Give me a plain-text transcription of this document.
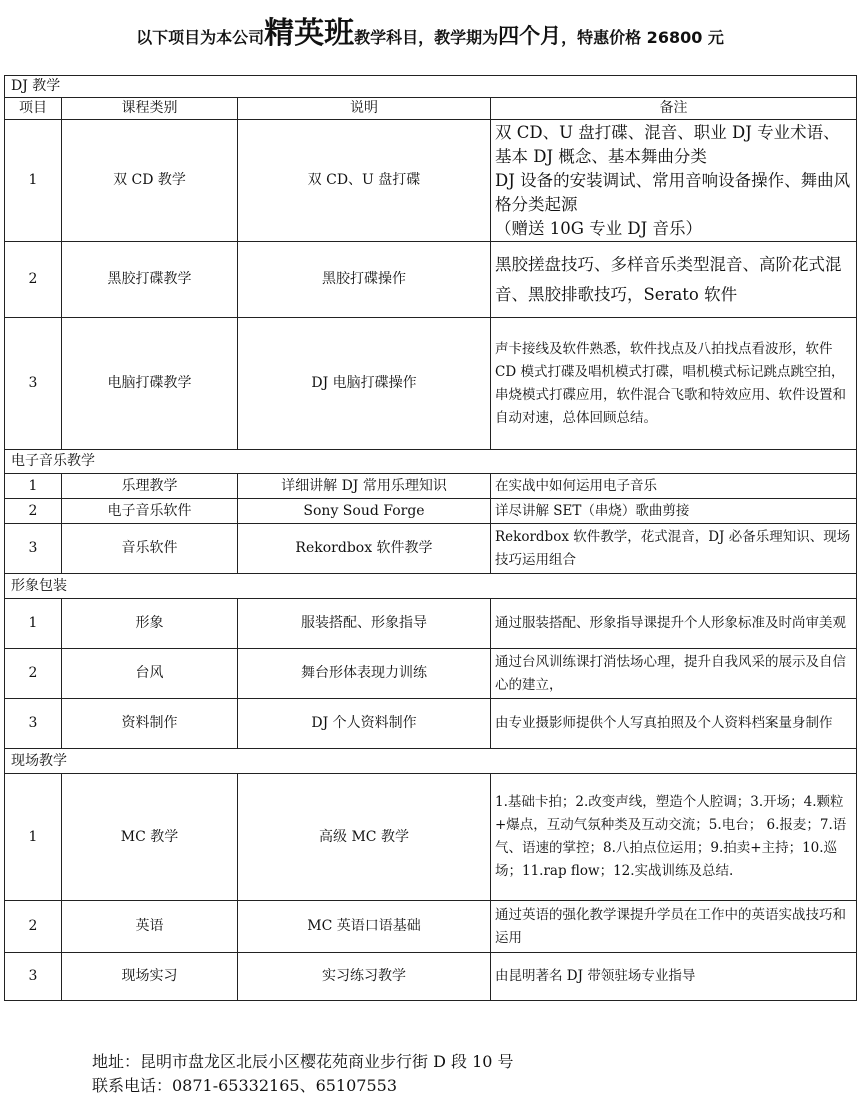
以下项目为本公司精英班教学科目，教学期为四个月，特惠价格 26800 元
DJ 教学			
项目	课程类别	说明	备注
1	双 CD 教学	双 CD、U 盘打碟	双 CD、U 盘打碟、混音、职业 DJ 专业术语、基本 DJ 概念、基本舞曲分类
DJ 设备的安装调试、常用音响设备操作、舞曲风格分类起源
（赠送 10G 专业 DJ 音乐）

2	黑胶打碟教学	黑胶打碟操作	黑胶搓盘技巧、多样音乐类型混音、高阶花式混音、黑胶排歌技巧，Serato 软件
3	电脑打碟教学	DJ 电脑打碟操作	声卡接线及软件熟悉，软件找点及八拍找点看波形，软件 CD 模式打碟及唱机模式打碟，唱机模式标记跳点跳空拍，串烧模式打碟应用，软件混合飞歌和特效应用、软件设置和自动对速，总体回顾总结。
电子音乐教学			
1	乐理教学	详细讲解 DJ 常用乐理知识	在实战中如何运用电子音乐
2	电子音乐软件	Sony Soud Forge	详尽讲解 SET（串烧）歌曲剪接
3	音乐软件	Rekordbox 软件教学	Rekordbox 软件教学，花式混音，DJ 必备乐理知识、现场技巧运用组合
形象包装			
1	形象	服装搭配、形象指导	通过服装搭配、形象指导课提升个人形象标准及时尚审美观
2	台风	舞台形体表现力训练	通过台风训练课打消怯场心理，提升自我风采的展示及自信心的建立，
3	资料制作	DJ 个人资料制作	由专业摄影师提供个人写真拍照及个人资料档案量身制作
现场教学			
1	MC 教学	高级 MC 教学	1.基础卡拍；2.改变声线，塑造个人腔调；3.开场；4.颗粒+爆点，互动气氛种类及互动交流；5.电台； 6.报麦；7.语气、语速的掌控；8.八拍点位运用；9.拍卖+主持；10.巡场；11.rap flow；12.实战训练及总结.
2	英语	MC 英语口语基础	通过英语的强化教学课提升学员在工作中的英语实战技巧和运用
3	现场实习	实习练习教学	由昆明著名 DJ 带领驻场专业指导
地址：昆明市盘龙区北辰小区樱花苑商业步行街 D 段 10 号
联系电话：0871-65332165、65107553
